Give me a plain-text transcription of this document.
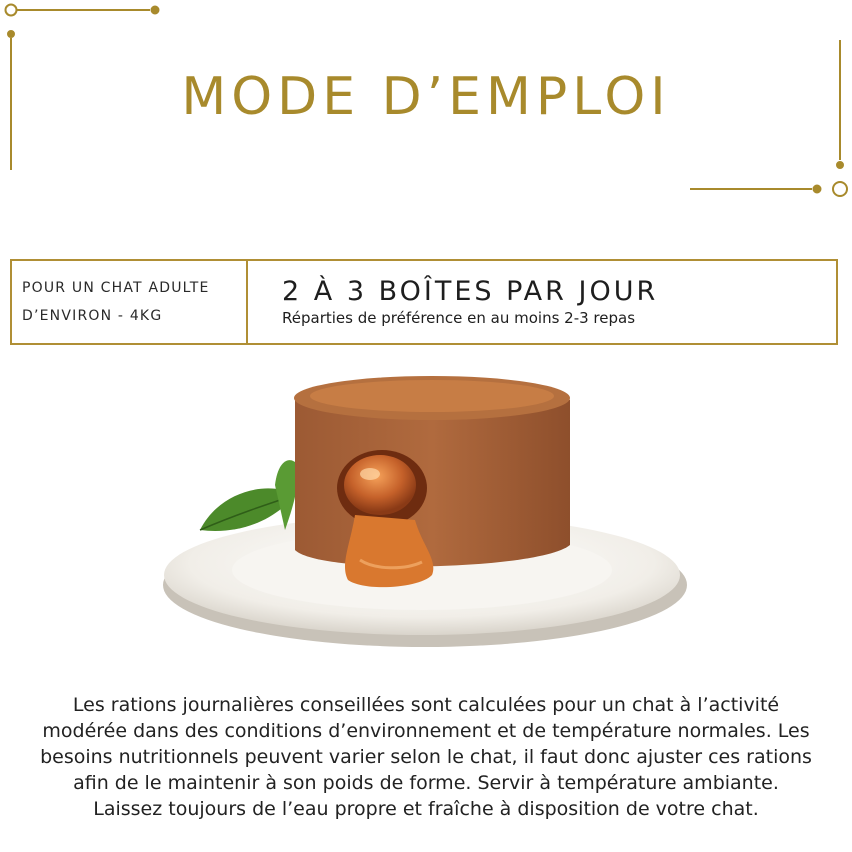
MODE D’EMPLOI
POUR UN CHAT ADULTE
D’ENVIRON - 4KG
2 À 3 BOÎTES PAR JOUR
Réparties de préférence en au moins 2-3 repas

Les rations journalières conseillées sont calculées pour un chat à l’activité modérée dans des conditions d’environnement et de température normales. Les besoins nutritionnels peuvent varier selon le chat, il faut donc ajuster ces rations afin de le maintenir à son poids de forme. Servir à température ambiante. Laissez toujours de l’eau propre et fraîche à disposition de votre chat.
